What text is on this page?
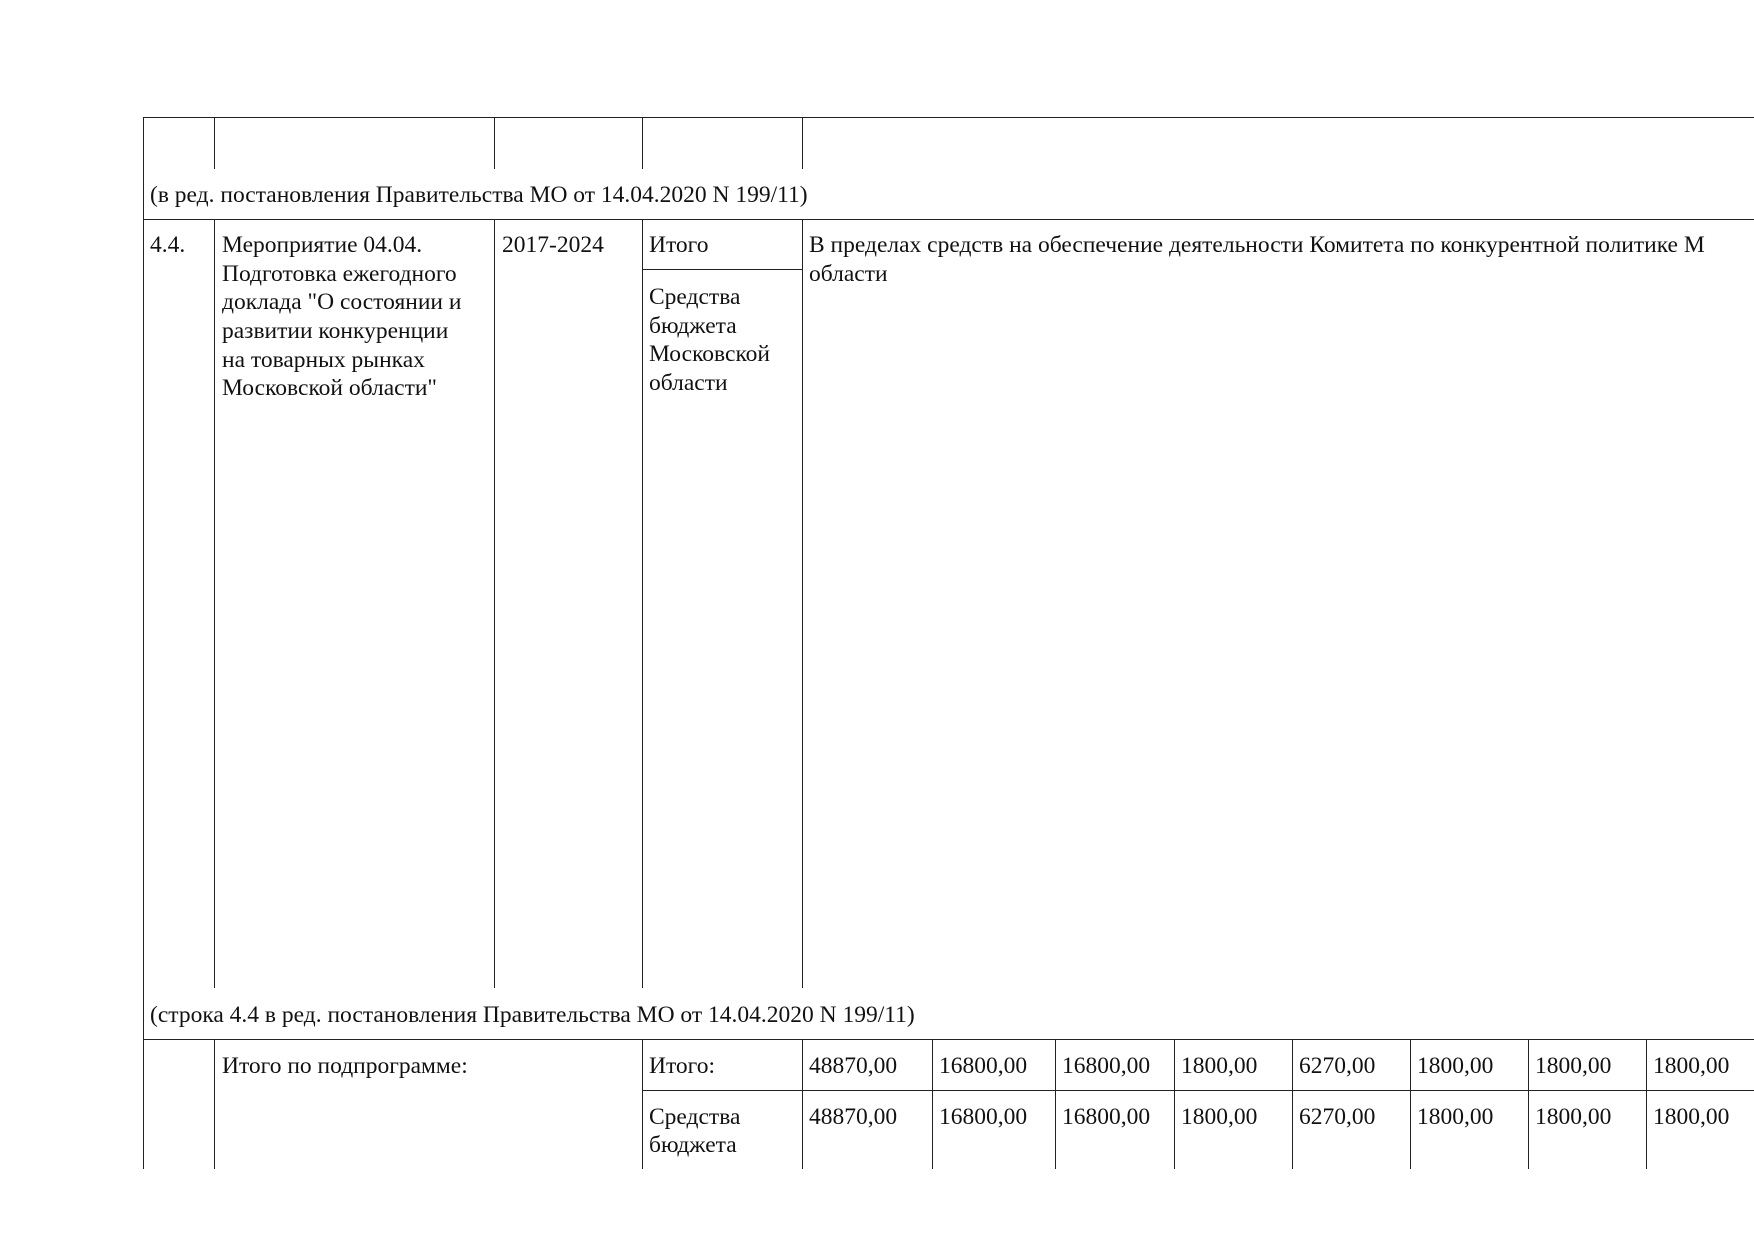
(в ред. постановления Правительства МО от 14.04.2020 N 199/11)
(строка 4.4 в ред. постановления Правительства МО от 14.04.2020 N 199/11)
4.4. Мероприятие 04.04.
Подготовка ежегодного
доклада "О состоянии и
развитии конкуренции
на товарных рынках
Московской области"
2017-2024 Итого
Средства
бюджета
Московской
области
В пределах средств на обеспечение деятельности Комитета по конкурентной политике М
области
Итого по подпрограмме:	Итого:	48870,00 16800,00 16800,00 1800,00 6270,00 1800,00 1800,00 1800,00
Средства
бюджета
48870,00 16800,00 16800,00 1800,00 6270,00 1800,00 1800,00 1800,00
